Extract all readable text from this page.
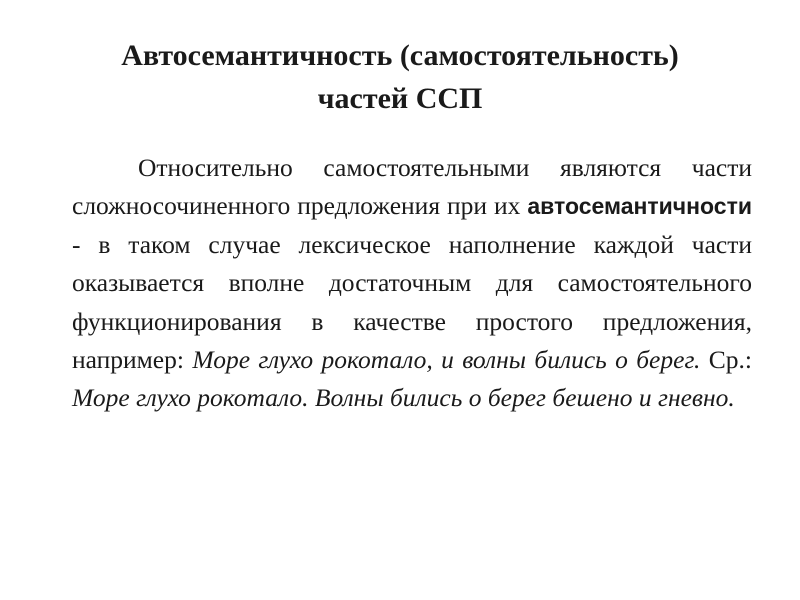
Автосемантичность (самостоятельность)
частей ССП

Относительно самостоятельными являются части сложносочиненного предложения при их автосемантичности - в таком случае лексическое наполнение каждой части оказывается вполне достаточным для самостоятельного функционирования в качестве простого предложения, например: Море глухо рокотало, и волны бились о берег. Ср.: Море глухо рокотало. Волны бились о берег бешено и гневно.
